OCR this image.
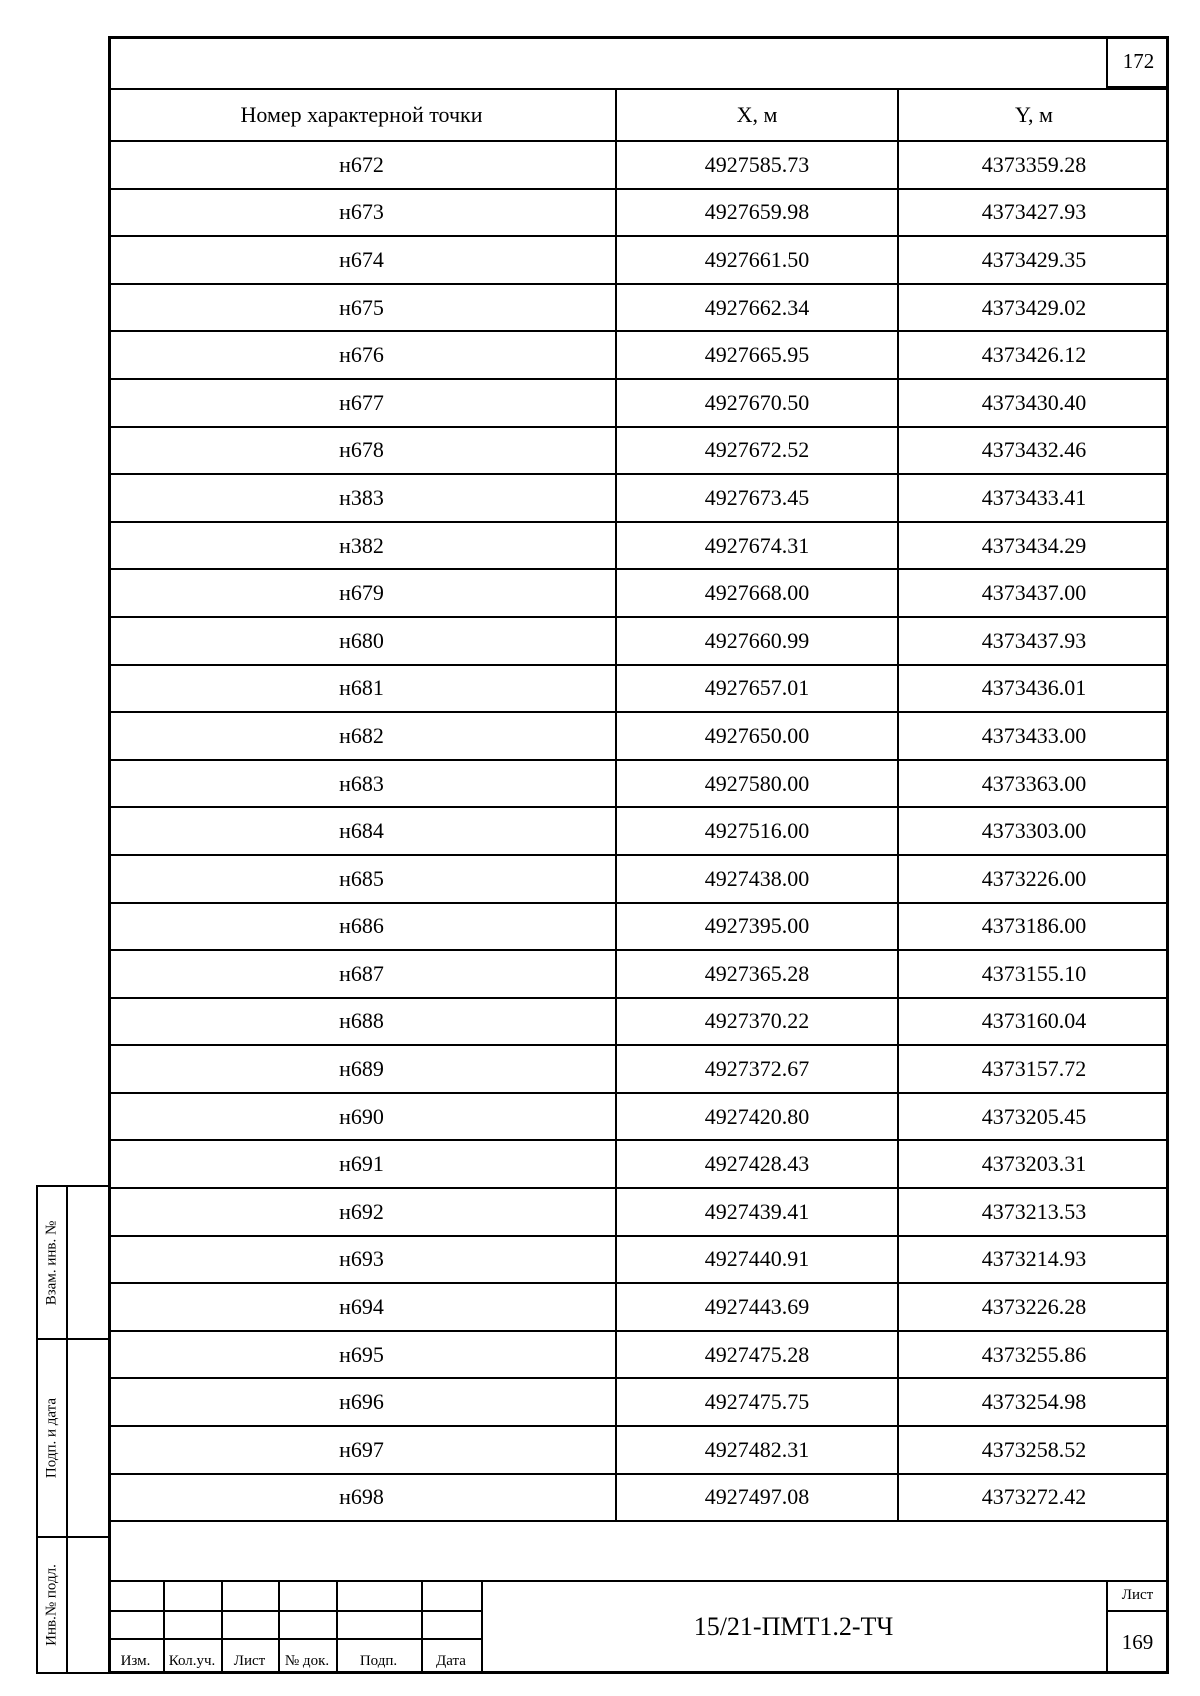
172
Номер характерной точки	X, м	Y, м
н672	4927585.73	4373359.28
н673	4927659.98	4373427.93
н674	4927661.50	4373429.35
н675	4927662.34	4373429.02
н676	4927665.95	4373426.12
н677	4927670.50	4373430.40
н678	4927672.52	4373432.46
н383	4927673.45	4373433.41
н382	4927674.31	4373434.29
н679	4927668.00	4373437.00
н680	4927660.99	4373437.93
н681	4927657.01	4373436.01
н682	4927650.00	4373433.00
н683	4927580.00	4373363.00
н684	4927516.00	4373303.00
н685	4927438.00	4373226.00
н686	4927395.00	4373186.00
н687	4927365.28	4373155.10
н688	4927370.22	4373160.04
н689	4927372.67	4373157.72
н690	4927420.80	4373205.45
н691	4927428.43	4373203.31
н692	4927439.41	4373213.53
н693	4927440.91	4373214.93
н694	4927443.69	4373226.28
н695	4927475.28	4373255.86
н696	4927475.75	4373254.98
н697	4927482.31	4373258.52
н698	4927497.08	4373272.42

Взам. инв. №
Подп. и дата
Инв.№ подл.
Изм.	Кол.уч.	Лист	№ док.	Подп.	Дата
15/21-ПМТ1.2-ТЧ
Лист
169
